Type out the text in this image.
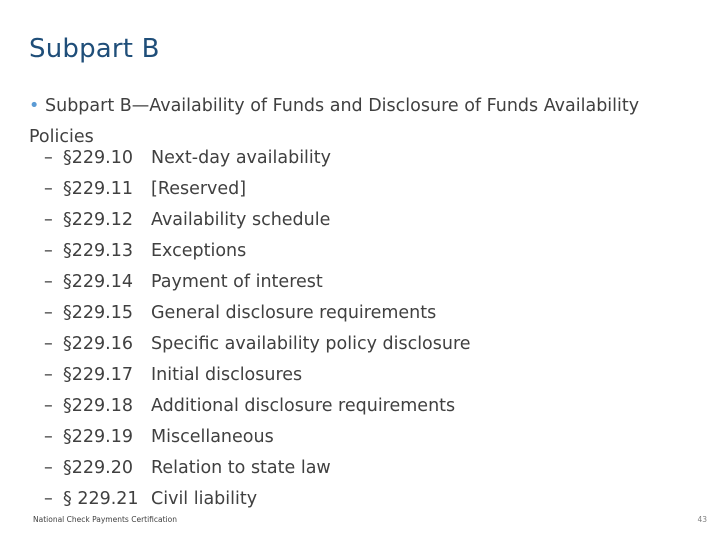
Subpart B
• Subpart B—Availability of Funds and Disclosure of Funds Availability Policies
– §229.10 Next-day availability
– §229.11 [Reserved]
– §229.12 Availability schedule
– §229.13 Exceptions
– §229.14 Payment of interest
– §229.15 General disclosure requirements
– §229.16 Specific availability policy disclosure
– §229.17 Initial disclosures
– §229.18 Additional disclosure requirements
– §229.19 Miscellaneous
– §229.20 Relation to state law
– § 229.21 Civil liability
National Check Payments Certification	43
